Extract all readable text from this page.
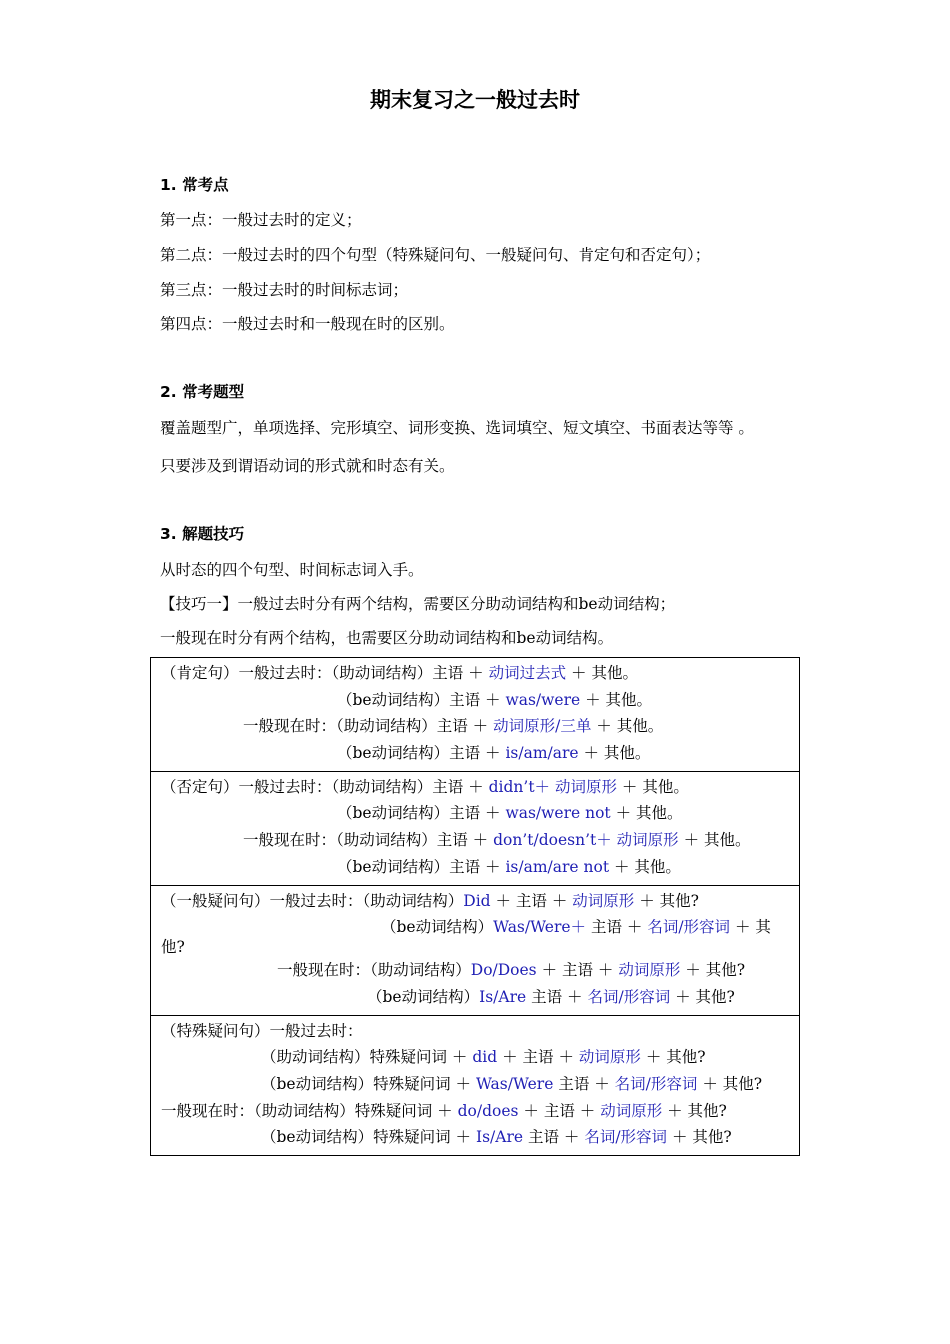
期末复习之一般过去时
1. 常考点
第一点：一般过去时的定义；
第二点：一般过去时的四个句型（特殊疑问句、一般疑问句、肯定句和否定句）；
第三点：一般过去时的时间标志词；
第四点：一般过去时和一般现在时的区别。
2. 常考题型
覆盖题型广，单项选择、完形填空、词形变换、选词填空、短文填空、书面表达等等 。
只要涉及到谓语动词的形式就和时态有关。
3. 解题技巧
从时态的四个句型、时间标志词入手。
【技巧一】一般过去时分有两个结构，需要区分助动词结构和be动词结构；
一般现在时分有两个结构，也需要区分助动词结构和be动词结构。
（肯定句）一般过去时：（助动词结构）主语 ＋ 动词过去式 ＋ 其他。
（be动词结构）主语 ＋ was/were ＋ 其他。
一般现在时：（助动词结构）主语 ＋ 动词原形/三单 ＋ 其他。
（be动词结构）主语 ＋ is/am/are ＋ 其他。

（否定句）一般过去时：（助动词结构）主语 ＋ didn’t＋ 动词原形 ＋ 其他。
（be动词结构）主语 ＋ was/were not ＋ 其他。
一般现在时：（助动词结构）主语 ＋ don’t/doesn’t＋ 动词原形 ＋ 其他。
（be动词结构）主语 ＋ is/am/are not ＋ 其他。

（一般疑问句）一般过去时：（助动词结构）Did ＋ 主语 ＋ 动词原形 ＋ 其他?
（be动词结构）Was/Were＋ 主语 ＋ 名词/形容词 ＋ 其他?
一般现在时：（助动词结构）Do/Does ＋ 主语 ＋ 动词原形 ＋ 其他?
（be动词结构）Is/Are 主语 ＋ 名词/形容词 ＋ 其他?

（特殊疑问句）一般过去时：
（助动词结构）特殊疑问词 ＋ did ＋ 主语 ＋ 动词原形 ＋ 其他?
（be动词结构）特殊疑问词 ＋ Was/Were 主语 ＋ 名词/形容词 ＋ 其他?
一般现在时：（助动词结构）特殊疑问词 ＋ do/does ＋ 主语 ＋ 动词原形 ＋ 其他?
（be动词结构）特殊疑问词 ＋ Is/Are 主语 ＋ 名词/形容词 ＋ 其他?
